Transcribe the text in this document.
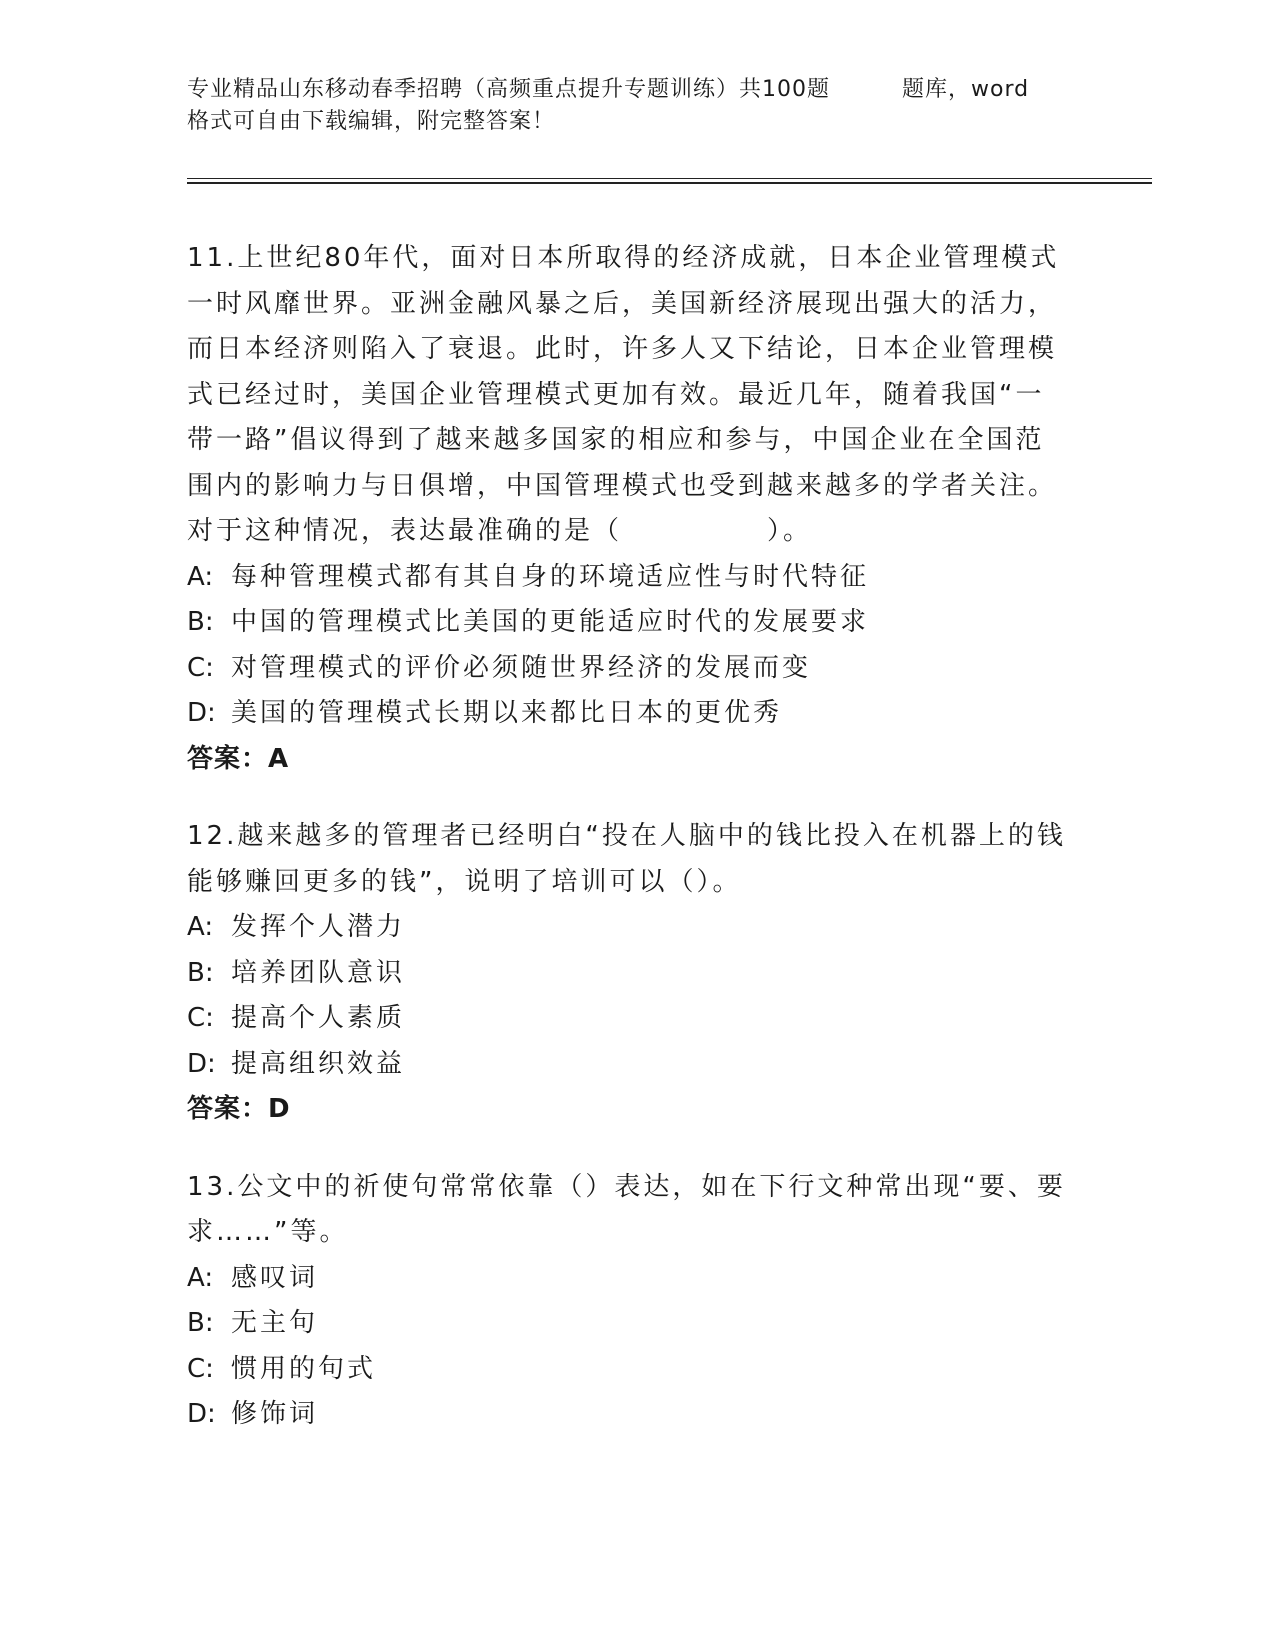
专业精品山东移动春季招聘（高频重点提升专题训练）共100题	题库，word
格式可自由下载编辑，附完整答案！

11.上世纪80年代，面对日本所取得的经济成就，日本企业管理模式一时风靡世界。亚洲金融风暴之后，美国新经济展现出强大的活力，而日本经济则陷入了衰退。此时，许多人又下结论，日本企业管理模式已经过时，美国企业管理模式更加有效。最近几年，随着我国“一带一路”倡议得到了越来越多国家的相应和参与，中国企业在全国范围内的影响力与日俱增，中国管理模式也受到越来越多的学者关注。对于这种情况，表达最准确的是（　　　　　）。

A: 每种管理模式都有其自身的环境适应性与时代特征

B: 中国的管理模式比美国的更能适应时代的发展要求

C: 对管理模式的评价必须随世界经济的发展而变

D: 美国的管理模式长期以来都比日本的更优秀

答案：A

12.越来越多的管理者已经明白“投在人脑中的钱比投入在机器上的钱能够赚回更多的钱”，说明了培训可以（）。

A: 发挥个人潜力

B: 培养团队意识

C: 提高个人素质

D: 提高组织效益

答案：D

13.公文中的祈使句常常依靠（）表达，如在下行文种常出现“要、要求……”等。

A: 感叹词

B: 无主句

C: 惯用的句式

D: 修饰词
